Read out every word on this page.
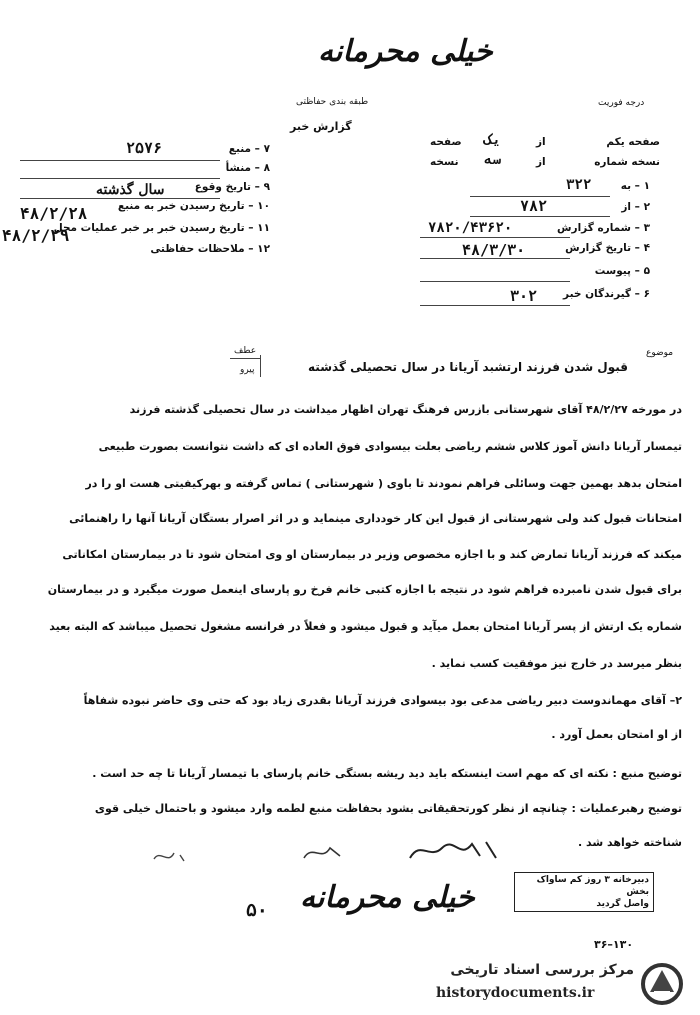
خیلی محرمانه
درجه فوریت
طبقه بندی حفاظتی
گزارش خبر
۷ – منبع
۲۵۷۶
۸ – منشأ
۹ – تاریخ وقوع
سال گذشته
۱۰ – تاریخ رسیدن خبر به منبع
۴۸/۲/۲۸
۱۱ – تاریخ رسیدن خبر بر خبر عملیات محل
۴۸/۲/۲۹
۱۲ – ملاحظات حفاظتی
صفحه یکم
از
یک
صفحه
نسخه شماره
از
سه
نسخه
۱ – به
۳۲۲
۲ – از
۷۸۲
۳ – شماره گزارش
۷۸۲۰/۴۳۶۲۰
۴ – تاریخ گزارش
۴۸/۳/۳۰
۵ – پیوست
۶ – گیرندگان خبر
۳۰۲
عطف
پیرو
موضوع
قبول شدن فرزند ارتشبد آریانا در سال تحصیلی گذشته
در مورخه ۴۸/۲/۲۷ آقای شهرستانی بازرس فرهنگ تهران اظهار میداشت در سال تحصیلی گذشته فرزند
تیمسار آریانا دانش آموز کلاس ششم ریاضی بعلت بیسوادی فوق العاده ای که داشت نتوانست بصورت طبیعی
امتحان بدهد بهمین جهت وسائلی فراهم نمودند تا باوی ( شهرستانی ) تماس گرفته و بهرکیفیتی هست او را در
امتحانات قبول کند ولی شهرستانی از قبول این کار خودداری مینماید و در اثر اصرار بستگان آریانا آنها را راهنمائی
میکند که فرزند آریانا تمارض کند و با اجازه مخصوص وزیر در بیمارستان او وی امتحان شود تا در بیمارستان امکاناتی
برای قبول شدن نامبرده فراهم شود در نتیجه با اجازه کتبی خانم فرخ رو پارسای اینعمل صورت میگیرد و در بیمارستان
شماره یک ارتش از پسر آریانا امتحان بعمل میآید و قبول میشود و فعلاً در فرانسه مشغول تحصیل میباشد که البته بعید
بنظر میرسد در خارج نیز موفقیت کسب نماید .
۲– آقای مهماندوست دبیر ریاضی مدعی بود بیسوادی فرزند آریانا بقدری زیاد بود که حتی وی حاضر نبوده شفاهاً
از او امتحان بعمل آورد .
توضیح منبع : نکته ای که مهم است اینستکه باید دید ریشه بستگی خانم پارسای با تیمسار آریانا تا چه حد است .
توضیح رهبرعملیات : چنانچه از نظر کورتحقیقاتی بشود بحفاظت منبع لطمه وارد میشود و باحتمال خیلی قوی
شناخته خواهد شد .
دبیرخانه ۳ روز کم ساواک
بخش
واصل گردید
خیلی محرمانه
۵۰
۳۶–۱۳۰
مرکز بررسی اسناد تاریخی
historydocuments.ir
